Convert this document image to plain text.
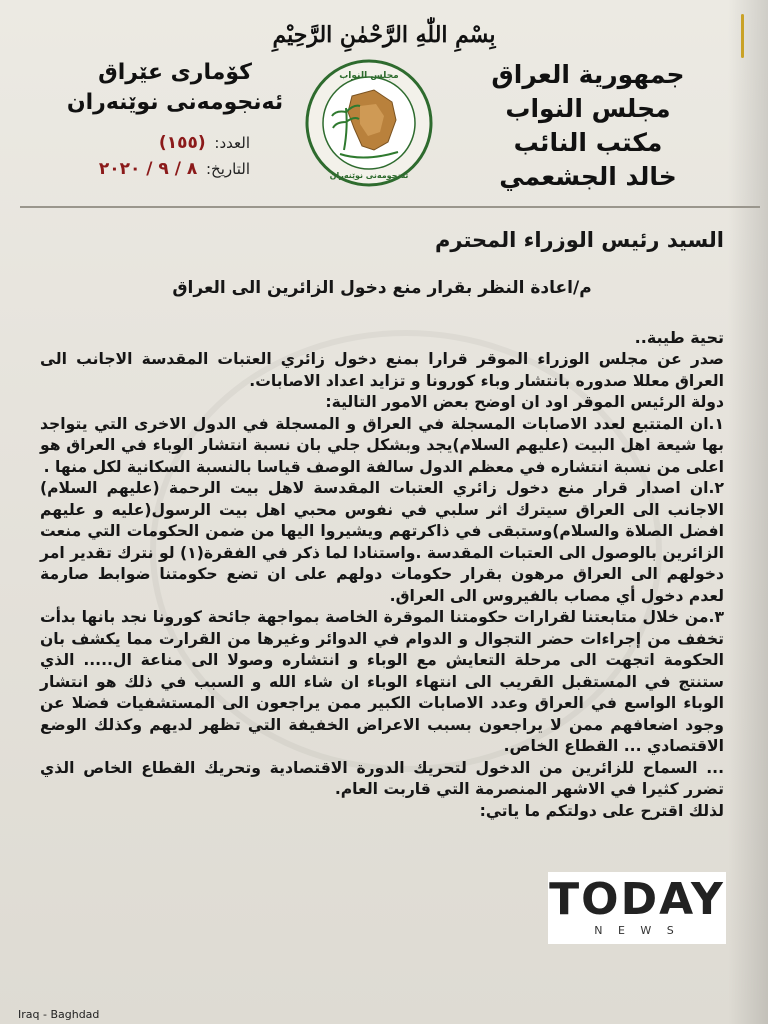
بِسْمِ اللّٰهِ الرَّحْمٰنِ الرَّحِيْمِ
جمهورية العراق
مجلس النواب
مكتب النائب
خالد الجشعمي
كۆماری عێراق
ئەنجومەنی نوێنەران
العدد: (١٥٥)
التاريخ: ٨ / ٩ / ٢٠٢٠
مجلس النواب
ئەنجومەنی نوێنەران

السيد رئيس الوزراء المحترم

م/اعادة النظر بقرار منع دخول الزائرين الى العراق

تحية طيبة..

صدر عن مجلس الوزراء الموقر قرارا بمنع دخول زائري العتبات المقدسة الاجانب الى العراق معللا صدوره بانتشار وباء كورونا و تزايد اعداد الاصابات.

دولة الرئيس الموقر اود ان اوضح بعض الامور التالية:

١.ان المتتبع لعدد الاصابات المسجلة في العراق و المسجلة في الدول الاخرى التي يتواجد بها شيعة اهل البيت (عليهم السلام)يجد وبشكل جلي بان نسبة انتشار الوباء في العراق هو اعلى من نسبة انتشاره في معظم الدول سالفة الوصف قياسا بالنسبة السكانية لكل منها .

٢.ان اصدار قرار منع دخول زائري العتبات المقدسة لاهل بيت الرحمة (عليهم السلام) الاجانب الى العراق سيترك اثر سلبي في نفوس محبي اهل بيت الرسول(عليه و عليهم افضل الصلاة والسلام)وستبقى في ذاكرتهم ويشيروا اليها من ضمن الحكومات التي منعت الزائرين بالوصول الى العتبات المقدسة .واستنادا لما ذكر في الفقرة(١) لو نترك تقدير امر دخولهم الى العراق مرهون بقرار حكومات دولهم على ان تضع حكومتنا ضوابط صارمة لعدم دخول أي مصاب بالفيروس الى العراق.

٣.من خلال متابعتنا لقرارات حكومتنا الموقرة الخاصة بمواجهة جائحة كورونا نجد بانها بدأت تخفف من إجراءات حضر التجوال و الدوام في الدوائر وغيرها من القرارت مما يكشف بان الحكومة اتجهت الى مرحلة التعايش مع الوباء و انتشاره وصولا الى مناعة ال..... الذي ستنتج في المستقبل القريب الى انتهاء الوباء ان شاء الله و السبب في ذلك هو انتشار الوباء الواسع في العراق وعدد الاصابات الكبير ممن يراجعون الى المستشفيات فضلا عن وجود اضعافهم ممن لا يراجعون بسبب الاعراض الخفيفة التي تظهر لديهم وكذلك الوضع الاقتصادي ... القطاع الخاص.

... السماح للزائرين من الدخول لتحريك الدورة الاقتصادية وتحريك القطاع الخاص الذي تضرر كثيرا في الاشهر المنصرمة التي قاربت العام.

لذلك اقترح على دولتكم ما ياتي:

TODAY
N E W S
Iraq - Baghdad
